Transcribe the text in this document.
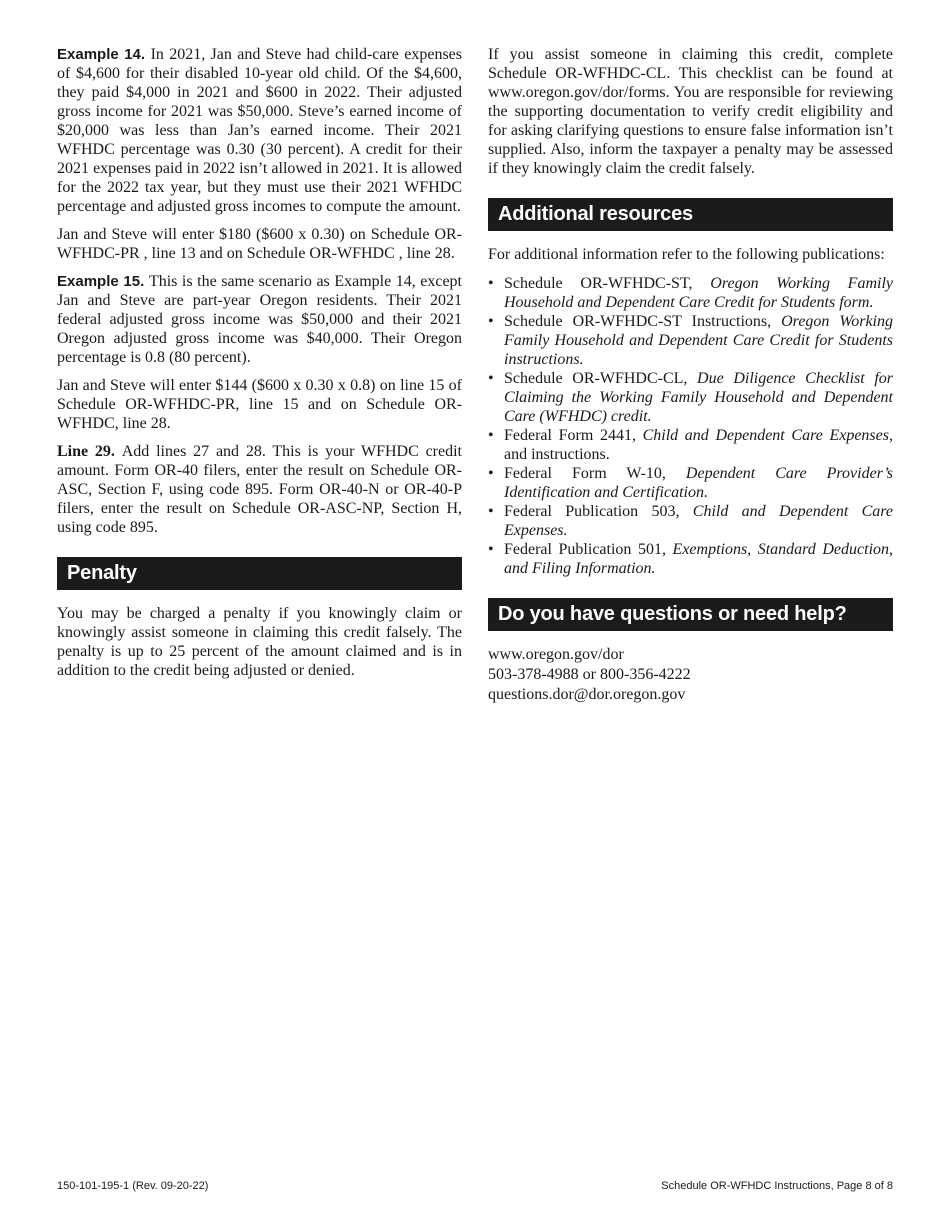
Example 14. In 2021, Jan and Steve had child-care expenses of $4,600 for their disabled 10-year old child. Of the $4,600, they paid $4,000 in 2021 and $600 in 2022. Their adjusted gross income for 2021 was $50,000. Steve’s earned income of $20,000 was less than Jan’s earned income. Their 2021 WFHDC percentage was 0.30 (30 percent). A credit for their 2021 expenses paid in 2022 isn’t allowed in 2021. It is allowed for the 2022 tax year, but they must use their 2021 WFHDC percentage and adjusted gross incomes to compute the amount.

Jan and Steve will enter $180 ($600 x 0.30) on Schedule OR-WFHDC-PR , line 13 and on Schedule OR-WFHDC , line 28.

Example 15. This is the same scenario as Example 14, except Jan and Steve are part-year Oregon residents. Their 2021 federal adjusted gross income was $50,000 and their 2021 Oregon adjusted gross income was $40,000. Their Oregon percentage is 0.8 (80 percent).

Jan and Steve will enter $144 ($600 x 0.30 x 0.8) on line 15 of Schedule OR-WFHDC-PR, line 15 and on Schedule OR-WFHDC, line 28.

Line 29. Add lines 27 and 28. This is your WFHDC credit amount. Form OR-40 filers, enter the result on Schedule OR-ASC, Section F, using code 895. Form OR-40-N or OR-40-P filers, enter the result on Schedule OR-ASC-NP, Section H, using code 895.

Penalty

You may be charged a penalty if you knowingly claim or knowingly assist someone in claiming this credit falsely. The penalty is up to 25 percent of the amount claimed and is in addition to the credit being adjusted or denied.

If you assist someone in claiming this credit, complete Schedule OR-WFHDC-CL. This checklist can be found at www.oregon.gov/dor/forms. You are responsible for reviewing the supporting documentation to verify credit eligibility and for asking clarifying questions to ensure false information isn’t supplied. Also, inform the taxpayer a penalty may be assessed if they knowingly claim the credit falsely.

Additional resources

For additional information refer to the following publications:

• Schedule OR-WFHDC-ST, Oregon Working Family Household and Dependent Care Credit for Students form.
• Schedule OR-WFHDC-ST Instructions, Oregon Working Family Household and Dependent Care Credit for Students instructions.
• Schedule OR-WFHDC-CL, Due Diligence Checklist for Claiming the Working Family Household and Dependent Care (WFHDC) credit.
• Federal Form 2441, Child and Dependent Care Expenses, and instructions.
• Federal Form W-10, Dependent Care Provider’s Identification and Certification.
• Federal Publication 503, Child and Dependent Care Expenses.
• Federal Publication 501, Exemptions, Standard Deduction, and Filing Information.
Do you have questions or need help?

www.oregon.gov/dor

503-378-4988 or 800-356-4222

questions.dor@dor.oregon.gov

150-101-195-1 (Rev. 09-20-22)	Schedule OR-WFHDC Instructions, Page 8 of 8
